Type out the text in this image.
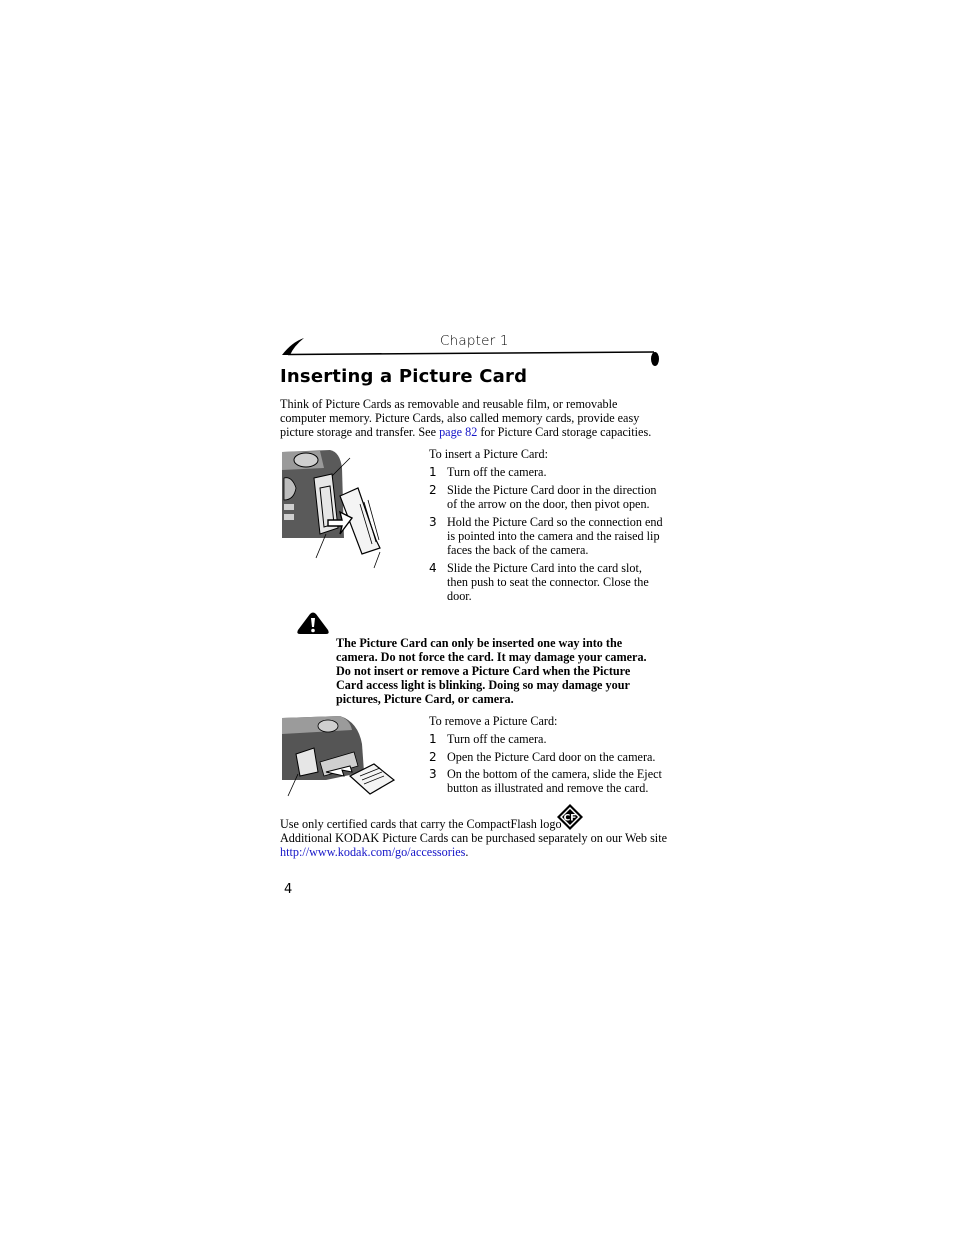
Chapter 1
Inserting a Picture Card
Think of Picture Cards as removable and reusable film, or removable
computer memory. Picture Cards, also called memory cards, provide easy
picture storage and transfer. See page 82 for Picture Card storage capacities.
To insert a Picture Card:
1 Turn off the camera.
2 Slide the Picture Card door in the direction
of the arrow on the door, then pivot open.
3 Hold the Picture Card so the connection end
is pointed into the camera and the raised lip
faces the back of the camera.
4 Slide the Picture Card into the card slot,
then push to seat the connector. Close the
door.
The Picture Card can only be inserted one way into the
camera. Do not force the card. It may damage your camera.
Do not insert or remove a Picture Card when the Picture
Card access light is blinking. Doing so may damage your
pictures, Picture Card, or camera.
To remove a Picture Card:
1 Turn off the camera.
2 Open the Picture Card door on the camera.
3 On the bottom of the camera, slide the Eject
button as illustrated and remove the card.
Use only certified cards that carry the CompactFlash logo CF
Additional KODAK Picture Cards can be purchased separately on our Web site
http://www.kodak.com/go/accessories.
4
